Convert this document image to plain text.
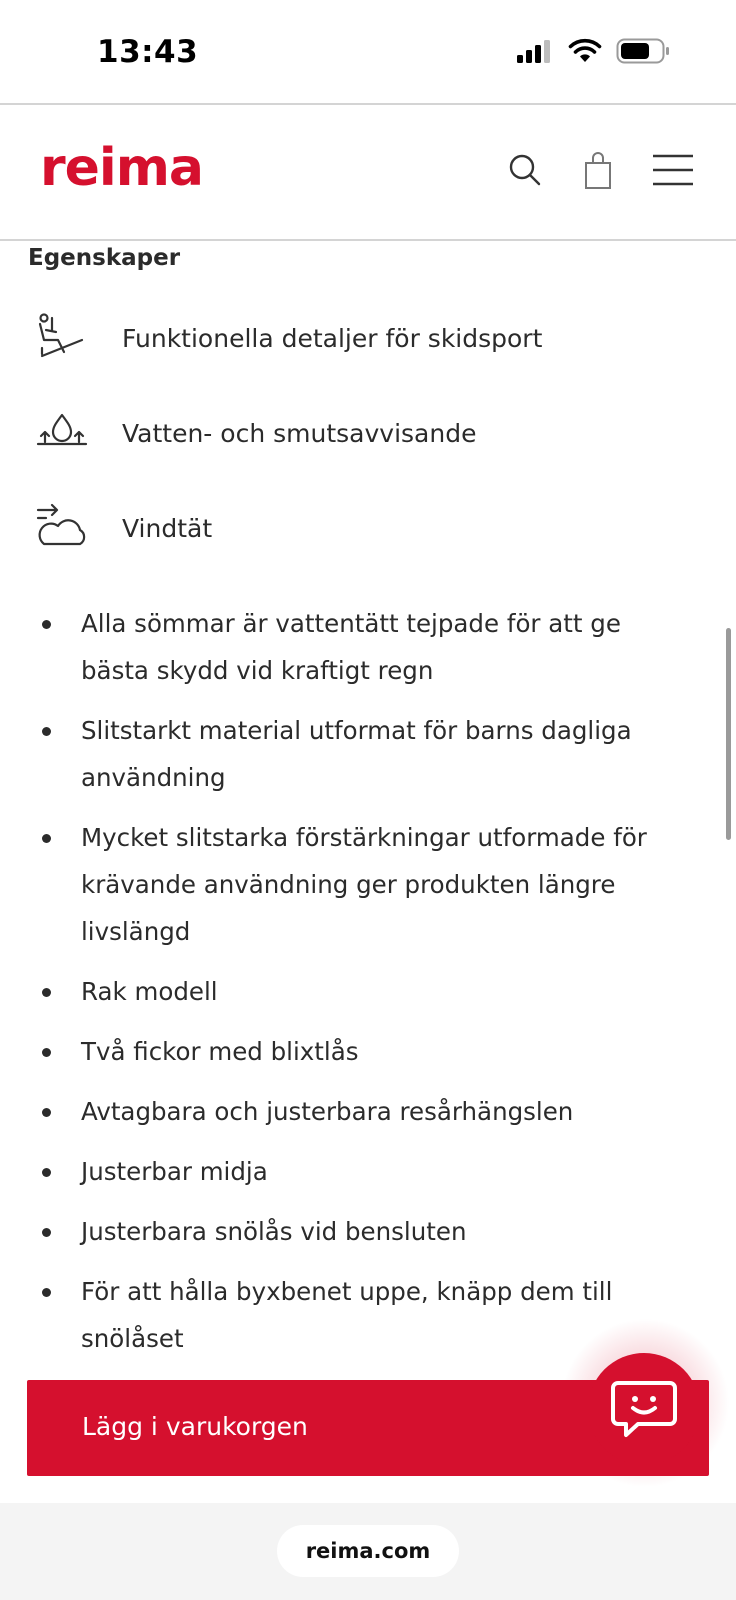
13:43
reima
Egenskaper
Funktionella detaljer för skidsport
Vatten- och smutsavvisande
Vindtät
Alla sömmar är vattentätt tejpade för att ge bästa skydd vid kraftigt regn
Slitstarkt material utformat för barns dagliga användning
Mycket slitstarka förstärkningar utformade för krävande användning ger produkten längre livslängd
Rak modell
Två fickor med blixtlås
Avtagbara och justerbara resårhängslen
Justerbar midja
Justerbara snölås vid bensluten
För att hålla byxbenet uppe, knäpp dem till snölåset
Lägg i varukorgen
reima.com
